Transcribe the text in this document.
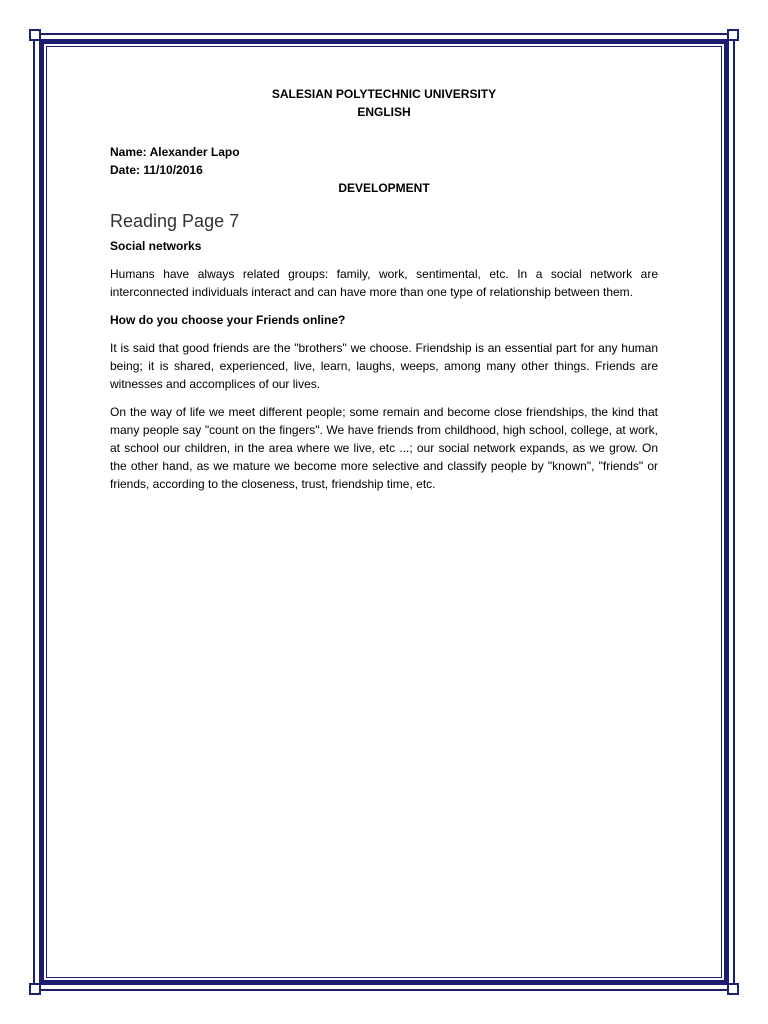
SALESIAN POLYTECHNIC UNIVERSITY

ENGLISH

Name: Alexander Lapo

Date: 11/10/2016

DEVELOPMENT

Reading Page 7

Social networks

Humans have always related groups: family, work, sentimental, etc. In a social network are interconnected individuals interact and can have more than one type of relationship between them.

How do you choose your Friends online?

It is said that good friends are the "brothers" we choose. Friendship is an essential part for any human being; it is shared, experienced, live, learn, laughs, weeps, among many other things. Friends are witnesses and accomplices of our lives.

On the way of life we meet different people; some remain and become close friendships, the kind that many people say "count on the fingers". We have friends from childhood, high school, college, at work, at school our children, in the area where we live, etc ...; our social network expands, as we grow. On the other hand, as we mature we become more selective and classify people by "known", "friends" or friends, according to the closeness, trust, friendship time, etc.
